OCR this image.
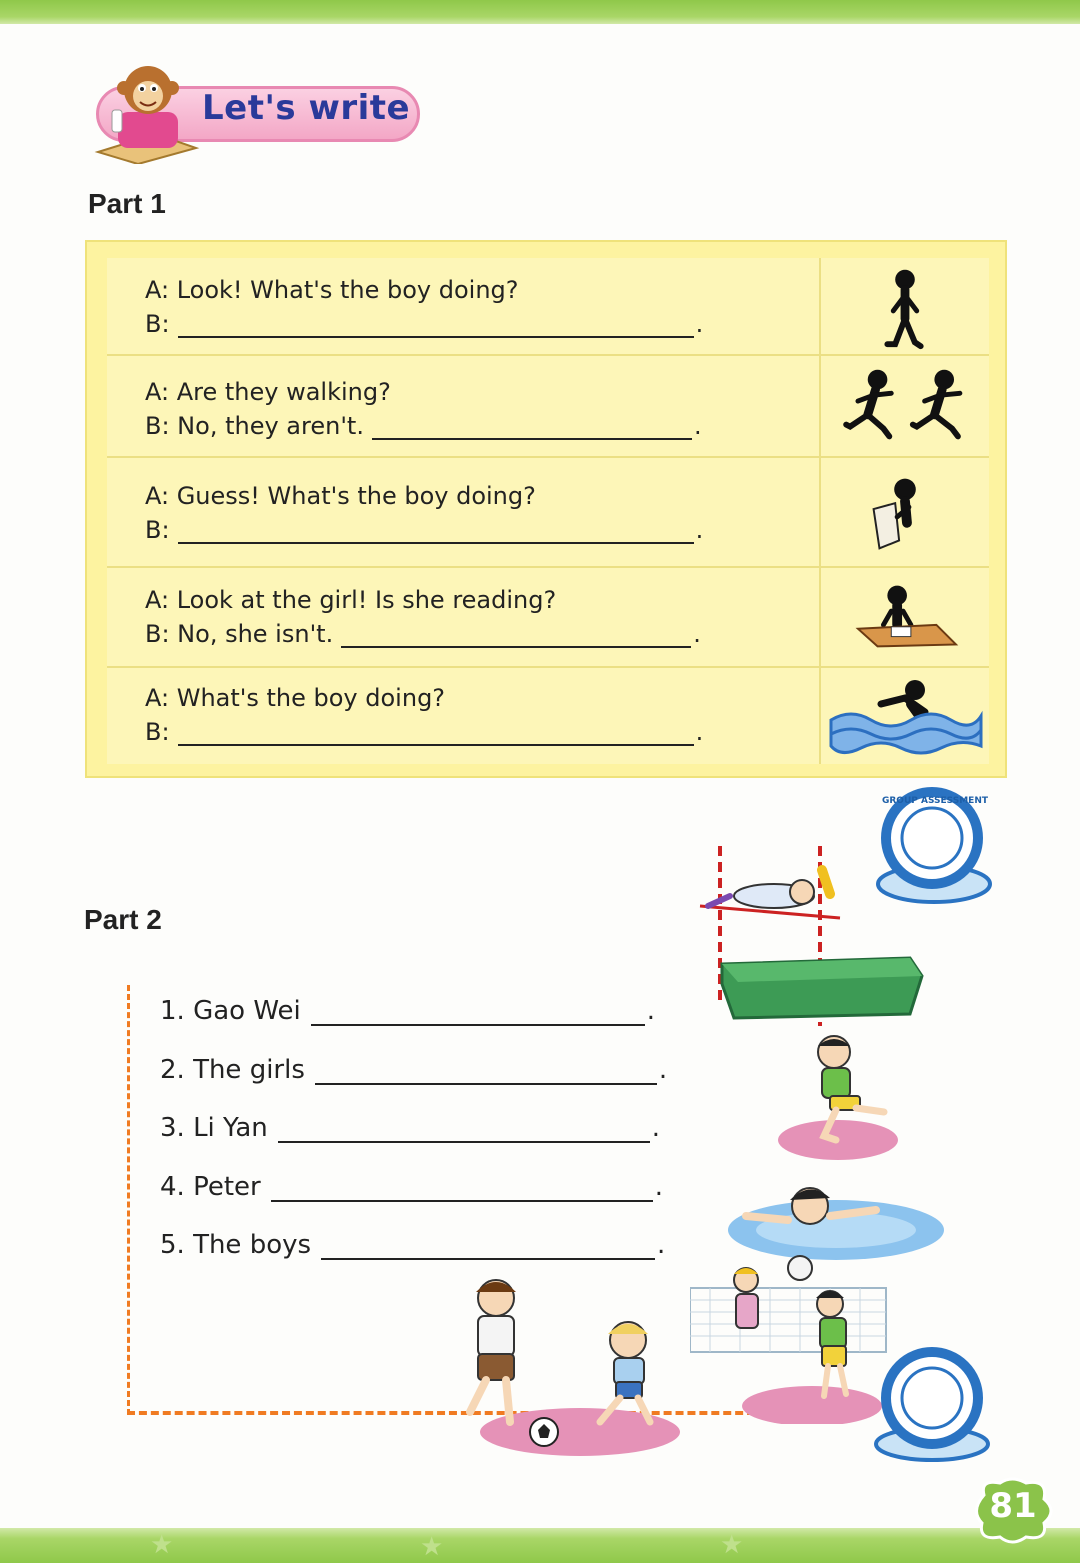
★	★	★
Let's write
Part 1
A: Look! What's the boy doing?
B:	.
A: Are they walking?
B: No, they aren't.	.
A: Guess! What's the boy doing?
B:	.
A: Look at the girl! Is she reading?
B: No, she isn't.	.
A: What's the boy doing?
B:	.
GROUP ASSESSMENT
Part 2
1. Gao Wei	.
2. The girls	.
3. Li Yan	.
4. Peter	.
5. The boys	.
81
